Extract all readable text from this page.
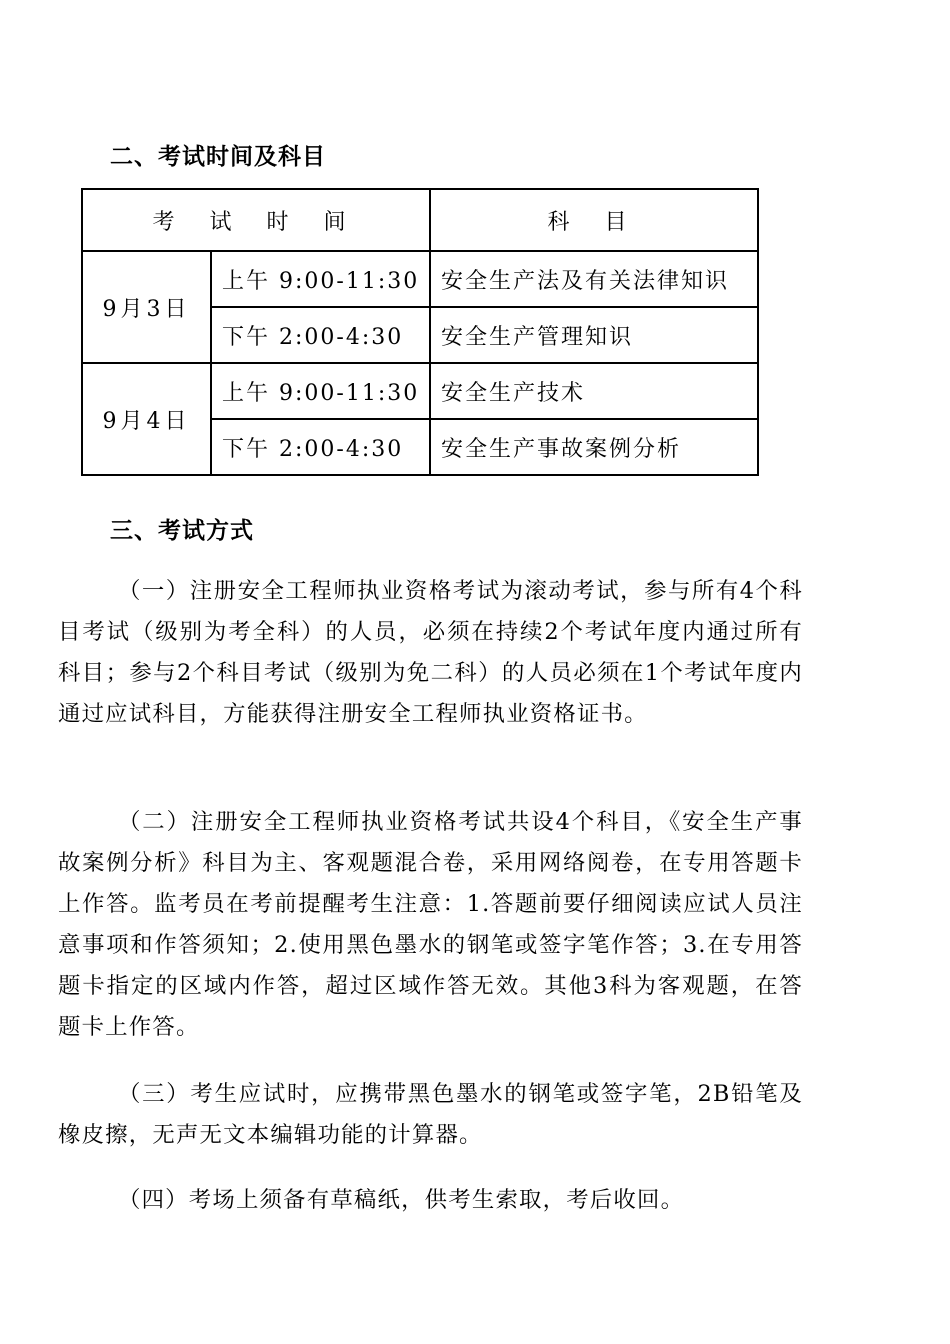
二、考试时间及科目
考 试 时 间		科 目
9月3日	上午 9:00-11:30	安全生产法及有关法律知识
	下午 2:00-4:30	安全生产管理知识
9月4日	上午 9:00-11:30	安全生产技术
	下午 2:00-4:30	安全生产事故案例分析
三、考试方式

（一）注册安全工程师执业资格考试为滚动考试，参与所有4个科目考试（级别为考全科）的人员，必须在持续2个考试年度内通过所有科目；参与2个科目考试（级别为免二科）的人员必须在1个考试年度内通过应试科目，方能获得注册安全工程师执业资格证书。

（二）注册安全工程师执业资格考试共设4个科目，《安全生产事故案例分析》科目为主、客观题混合卷，采用网络阅卷，在专用答题卡上作答。监考员在考前提醒考生注意：1.答题前要仔细阅读应试人员注意事项和作答须知；2.使用黑色墨水的钢笔或签字笔作答；3.在专用答题卡指定的区域内作答，超过区域作答无效。其他3科为客观题，在答题卡上作答。

（三）考生应试时，应携带黑色墨水的钢笔或签字笔，2B铅笔及橡皮擦，无声无文本编辑功能的计算器。

（四）考场上须备有草稿纸，供考生索取，考后收回。
